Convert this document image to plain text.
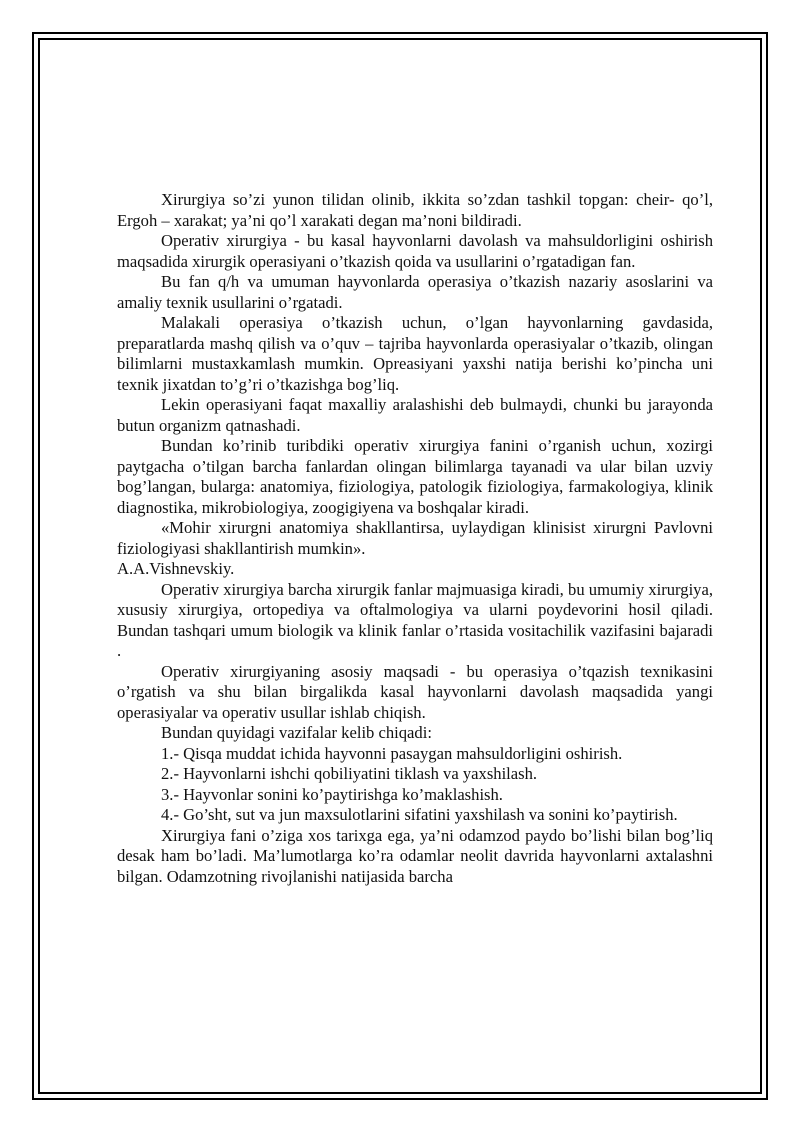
Xirurgiya so’zi yunon tilidan olinib, ikkita so’zdan tashkil topgan: cheir- qo’l, Ergoh – xarakat; ya’ni qo’l xarakati degan ma’noni bildiradi.

Operativ xirurgiya - bu kasal hayvonlarni davolash va mahsuldorligini oshirish maqsadida xirurgik operasiyani o’tkazish qoida va usullarini o’rgatadigan fan.

Bu fan q/h va umuman hayvonlarda operasiya o’tkazish nazariy asoslarini va amaliy texnik usullarini o’rgatadi.

Malakali operasiya o’tkazish uchun, o’lgan hayvonlarning gavdasida, preparatlarda mashq qilish va o’quv – tajriba hayvonlarda operasiyalar o’tkazib, olingan bilimlarni mustaxkamlash mumkin. Opreasiyani yaxshi natija berishi ko’pincha uni texnik jixatdan to’g’ri o’tkazishga bog’liq.

Lekin operasiyani faqat maxalliy aralashishi deb bulmaydi, chunki bu jarayonda butun organizm qatnashadi.

Bundan ko’rinib turibdiki operativ xirurgiya fanini o’rganish uchun, xozirgi paytgacha o’tilgan barcha fanlardan olingan bilimlarga tayanadi va ular bilan uzviy bog’langan, bularga: anatomiya, fiziologiya, patologik fiziologiya, farmakologiya, klinik diagnostika, mikrobiologiya, zoogigiyena va boshqalar kiradi.

«Mohir xirurgni anatomiya shakllantirsa, uylaydigan klinisist xirurgni Pavlovni fiziologiyasi shakllantirish mumkin».

A.A.Vishnevskiy.

Operativ xirurgiya barcha xirurgik fanlar majmuasiga kiradi, bu umumiy xirurgiya, xususiy xirurgiya, ortopediya va oftalmologiya va ularni poydevorini hosil qiladi. Bundan tashqari umum biologik va klinik fanlar o’rtasida vositachilik vazifasini bajaradi .

Operativ xirurgiyaning asosiy maqsadi - bu operasiya o’tqazish texnikasini o’rgatish va shu bilan birgalikda kasal hayvonlarni davolash maqsadida yangi operasiyalar va operativ usullar ishlab chiqish.

Bundan quyidagi vazifalar kelib chiqadi:

1.- Qisqa muddat ichida hayvonni pasaygan mahsuldorligini oshirish.

2.- Hayvonlarni ishchi qobiliyatini tiklash va yaxshilash.

3.- Hayvonlar sonini ko’paytirishga ko’maklashish.

4.- Go’sht, sut va jun maxsulotlarini sifatini yaxshilash va sonini ko’paytirish.

Xirurgiya fani o’ziga xos tarixga ega, ya’ni odamzod paydo bo’lishi bilan bog’liq desak ham bo’ladi. Ma’lumotlarga ko’ra odamlar neolit davrida hayvonlarni axtalashni bilgan. Odamzotning rivojlanishi natijasida barcha
